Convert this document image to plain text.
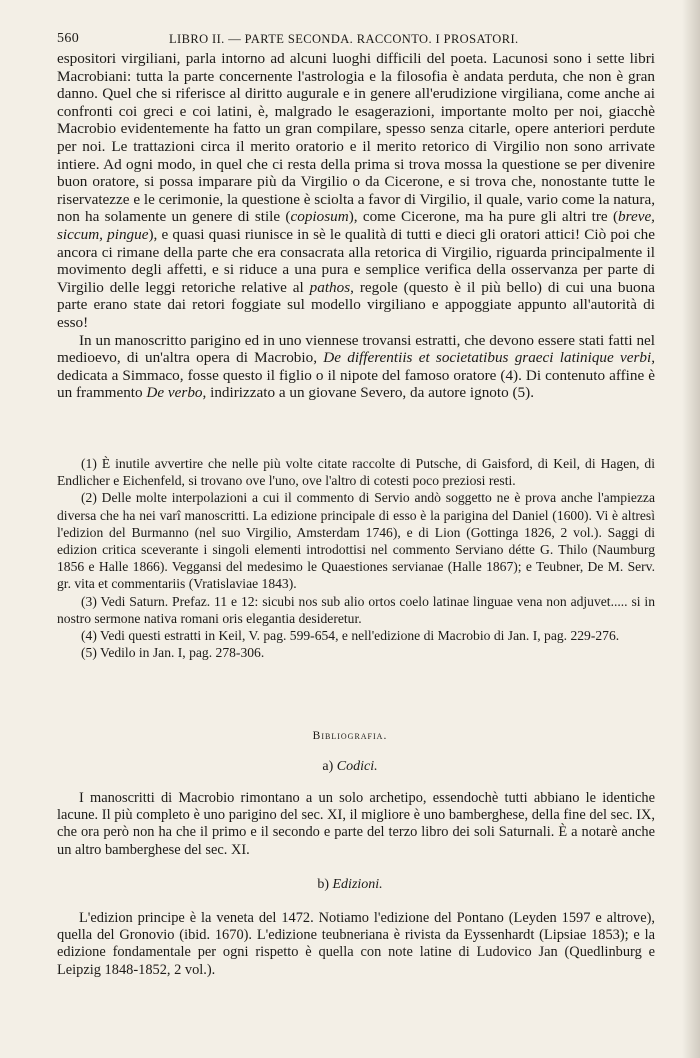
560	LIBRO II. — PARTE SECONDA. RACCONTO. I PROSATORI.

espositori virgiliani, parla intorno ad alcuni luoghi difficili del poeta. Lacunosi sono i sette libri Macrobiani: tutta la parte concernente l'astrologia e la filosofia è andata perduta, che non è gran danno. Quel che si riferisce al diritto augurale e in genere all'erudizione virgiliana, come anche ai confronti coi greci e coi latini, è, malgrado le esagerazioni, importante molto per noi, giacchè Macrobio evidentemente ha fatto un gran compilare, spesso senza citarle, opere anteriori perdute per noi. Le trattazioni circa il merito oratorio e il merito retorico di Virgilio non sono arrivate intiere. Ad ogni modo, in quel che ci resta della prima si trova mossa la questione se per divenire buon oratore, si possa imparare più da Virgilio o da Cicerone, e si trova che, nonostante tutte le riservatezze e le cerimonie, la questione è sciolta a favor di Virgilio, il quale, vario come la natura, non ha solamente un genere di stile (copiosum), come Cicerone, ma ha pure gli altri tre (breve, siccum, pingue), e quasi quasi riunisce in sè le qualità di tutti e dieci gli oratori attici! Ciò poi che ancora ci rimane della parte che era consacrata alla retorica di Virgilio, riguarda principalmente il movimento degli affetti, e si riduce a una pura e semplice verifica della osservanza per parte di Virgilio delle leggi retoriche relative al pathos, regole (questo è il più bello) di cui una buona parte erano state dai retori foggiate sul modello virgiliano e appoggiate appunto all'autorità di esso!

In un manoscritto parigino ed in uno viennese trovansi estratti, che devono essere stati fatti nel medioevo, di un'altra opera di Macrobio, De differentiis et societatibus graeci latinique verbi, dedicata a Simmaco, fosse questo il figlio o il nipote del famoso oratore (4). Di contenuto affine è un frammento De verbo, indirizzato a un giovane Severo, da autore ignoto (5).

(1) È inutile avvertire che nelle più volte citate raccolte di Putsche, di Gaisford, di Keil, di Hagen, di Endlicher e Eichenfeld, si trovano ove l'uno, ove l'altro di cotesti poco preziosi resti.

(2) Delle molte interpolazioni a cui il commento di Servio andò soggetto ne è prova anche l'ampiezza diversa che ha nei varî manoscritti. La edizione principale di esso è la parigina del Daniel (1600). Vi è altresì l'edizion del Burmanno (nel suo Virgilio, Amsterdam 1746), e di Lion (Gottinga 1826, 2 vol.). Saggi di edizion critica sceverante i singoli elementi introdottisi nel commento Serviano détte G. Thilo (Naumburg 1856 e Halle 1866). Veggansi del medesimo le Quaestiones servianae (Halle 1867); e Teubner, De M. Serv. gr. vita et commentariis (Vratislaviae 1843).

(3) Vedi Saturn. Prefaz. 11 e 12: sicubi nos sub alio ortos coelo latinae linguae vena non adjuvet..... si in nostro sermone nativa romani oris elegantia desideretur.

(4) Vedi questi estratti in Keil, V. pag. 599-654, e nell'edizione di Macrobio di Jan. I, pag. 229-276.

(5) Vedilo in Jan. I, pag. 278-306.

Bibliografia.
a) Codici.

I manoscritti di Macrobio rimontano a un solo archetipo, essendochè tutti abbiano le identiche lacune. Il più completo è uno parigino del sec. XI, il migliore è uno bamberghese, della fine del sec. IX, che ora però non ha che il primo e il secondo e parte del terzo libro dei soli Saturnali. È a notarè anche un altro bamberghese del sec. XI.

b) Edizioni.

L'edizion principe è la veneta del 1472. Notiamo l'edizione del Pontano (Leyden 1597 e altrove), quella del Gronovio (ibid. 1670). L'edizione teubneriana è rivista da Eyssenhardt (Lipsiae 1853); e la edizione fondamentale per ogni rispetto è quella con note latine di Ludovico Jan (Quedlinburg e Leipzig 1848-1852, 2 vol.).
